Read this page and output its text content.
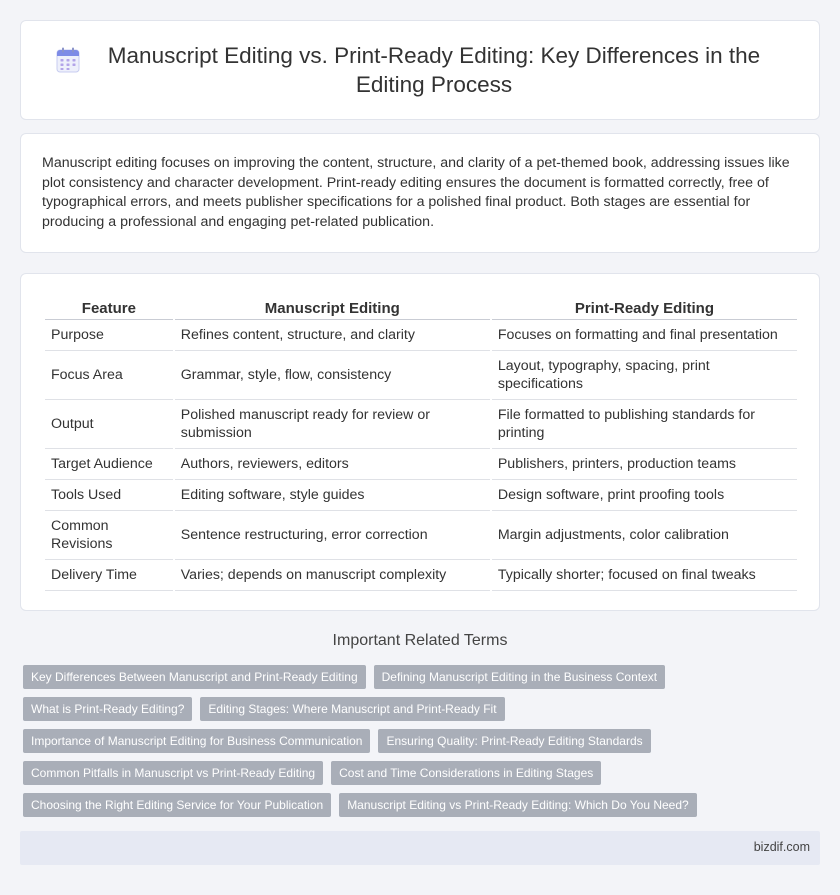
Manuscript Editing vs. Print-Ready Editing: Key Differences in the Editing Process

Manuscript editing focuses on improving the content, structure, and clarity of a pet-themed book, addressing issues like plot consistency and character development. Print-ready editing ensures the document is formatted correctly, free of typographical errors, and meets publisher specifications for a polished final product. Both stages are essential for producing a professional and engaging pet-related publication.

Feature	Manuscript Editing	Print-Ready Editing
Purpose	Refines content, structure, and clarity	Focuses on formatting and final presentation
Focus Area	Grammar, style, flow, consistency	Layout, typography, spacing, print specifications
Output	Polished manuscript ready for review or submission	File formatted to publishing standards for printing
Target Audience	Authors, reviewers, editors	Publishers, printers, production teams
Tools Used	Editing software, style guides	Design software, print proofing tools
Common Revisions	Sentence restructuring, error correction	Margin adjustments, color calibration
Delivery Time	Varies; depends on manuscript complexity	Typically shorter; focused on final tweaks
Important Related Terms
Key Differences Between Manuscript and Print-Ready Editing	Defining Manuscript Editing in the Business Context
What is Print-Ready Editing?	Editing Stages: Where Manuscript and Print-Ready Fit
Importance of Manuscript Editing for Business Communication	Ensuring Quality: Print-Ready Editing Standards
Common Pitfalls in Manuscript vs Print-Ready Editing	Cost and Time Considerations in Editing Stages
Choosing the Right Editing Service for Your Publication	Manuscript Editing vs Print-Ready Editing: Which Do You Need?
bizdif.com
